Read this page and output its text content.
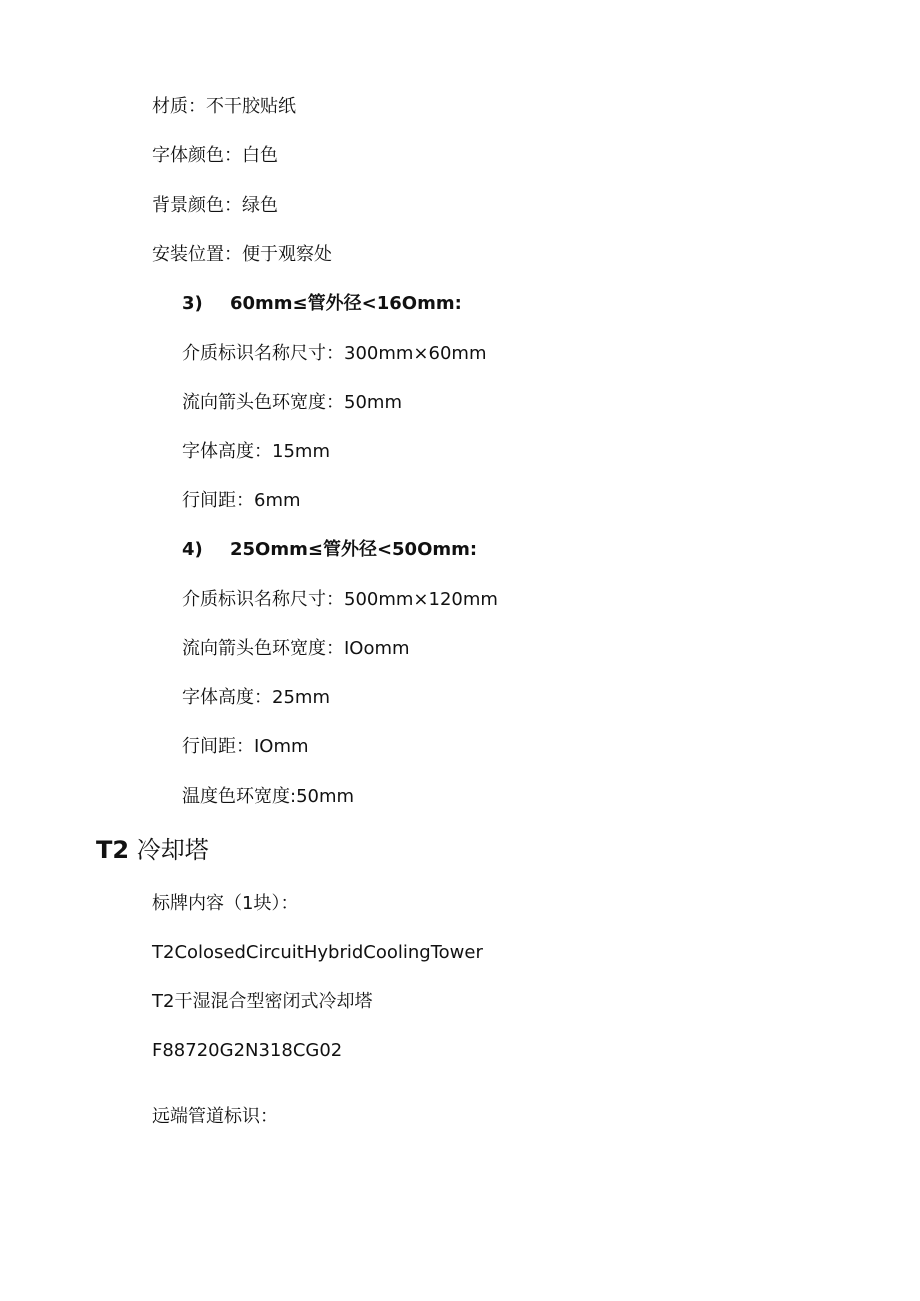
材质：不干胶贴纸
字体颜色：白色
背景颜色：绿色
安装位置：便于观察处
3) 60mm≤管外径<16Omm:
介质标识名称尺寸：300mm×60mm
流向箭头色环宽度：50mm
字体高度：15mm
行间距：6mm
4) 25Omm≤管外径<50Omm:
介质标识名称尺寸：500mm×120mm
流向箭头色环宽度：IOomm
字体高度：25mm
行间距：IOmm
温度色环宽度:50mm
T2 冷却塔
标牌内容（1块）：
T2ColosedCircuitHybridCoolingTower
T2干湿混合型密闭式冷却塔
F88720G2N318CG02
远端管道标识：
